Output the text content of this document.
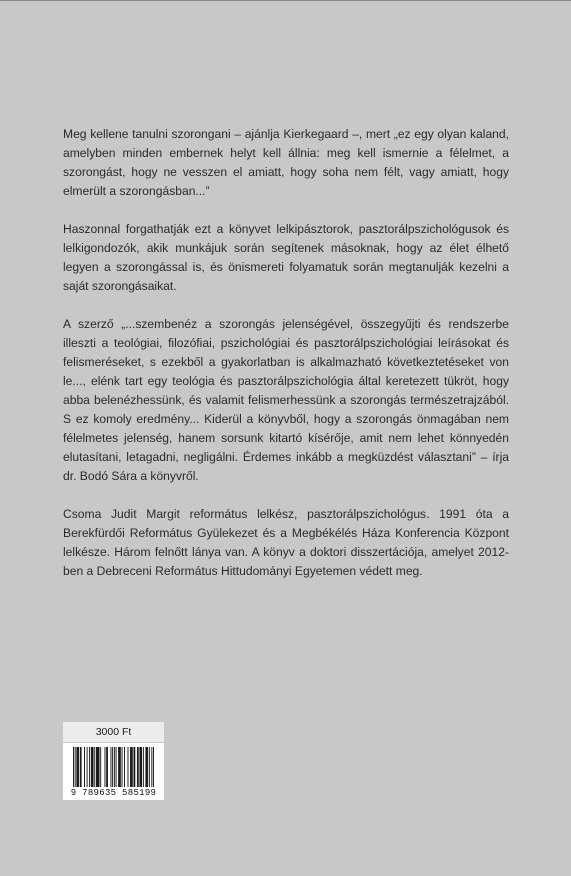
Meg kellene tanulni szorongani – ajánlja Kierkegaard –, mert „ez egy olyan kaland, amelyben minden embernek helyt kell állnia: meg kell ismernie a félelmet, a szorongást, hogy ne vesszen el amiatt, hogy soha nem félt, vagy amiatt, hogy elmerült a szorongásban...”

Haszonnal forgathatják ezt a könyvet lelkipásztorok, pasztorálpszichológusok és lelkigondozók, akik munkájuk során segítenek másoknak, hogy az élet élhető legyen a szorongással is, és önismereti folyamatuk során megtanulják kezelni a saját szorongásaikat.

A szerző „...szembenéz a szorongás jelenségével, összegyűjti és rendszerbe illeszti a teológiai, filozófiai, pszichológiai és pasztorálpszichológiai leírásokat és felismeréseket, s ezekből a gyakorlatban is alkalmazható következtetéseket von le..., elénk tart egy teológia és pasztorálpszichológia által keretezett tükröt, hogy abba belenézhessünk, és valamit felismerhessünk a szorongás természetrajzából. S ez komoly eredmény... Kiderül a könyvből, hogy a szorongás önmagában nem félelmetes jelenség, hanem sorsunk kitartó kísérője, amit nem lehet könnyedén elutasítani, letagadni, negligálni. Érdemes inkább a megküzdést választani” – írja dr. Bodó Sára a könyvről.

Csoma Judit Margit református lelkész, pasztorálpszichológus. 1991 óta a Berekfürdői Református Gyülekezet és a Megbékélés Háza Konferencia Központ lelkésze. Három felnőtt lánya van. A könyv a doktori disszertációja, amelyet 2012-ben a Debreceni Református Hittudományi Egyetemen védett meg.

3000 Ft
9 789635 585199
